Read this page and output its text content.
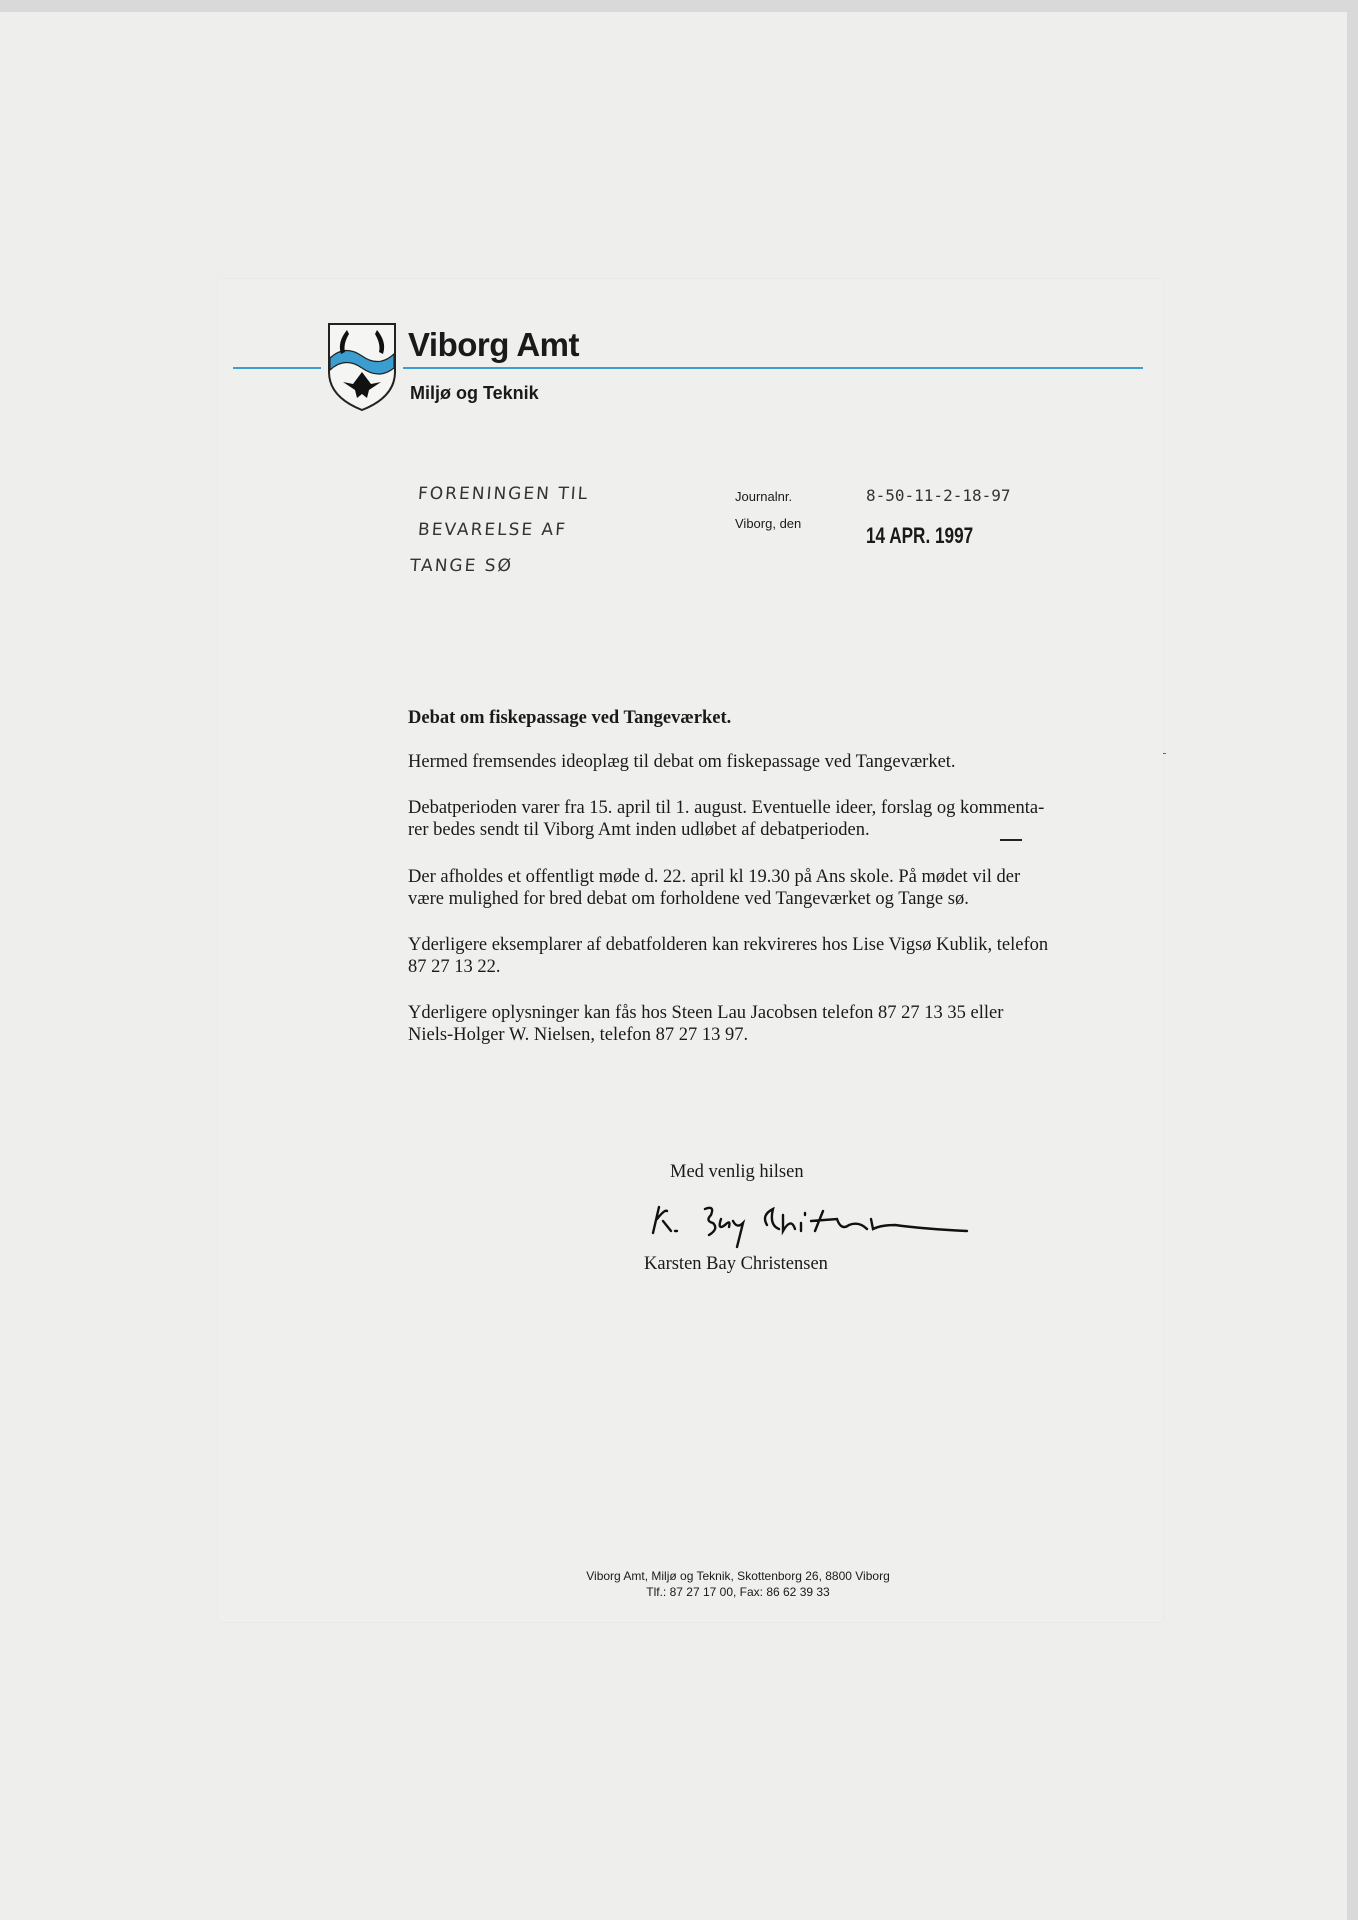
Viborg Amt
Miljø og Teknik
FORENINGEN TIL
BEVARELSE AF
TANGE SØ
Journalnr.
Viborg, den
8-50-11-2-18-97
14 APR. 1997
Debat om fiskepassage ved Tangeværket.
Hermed fremsendes ideoplæg til debat om fiskepassage ved Tangeværket.
Debatperioden varer fra 15. april til 1. august. Eventuelle ideer, forslag og kommenta-
rer bedes sendt til Viborg Amt inden udløbet af debatperioden.
Der afholdes et offentligt møde d. 22. april kl 19.30 på Ans skole. På mødet vil der
være mulighed for bred debat om forholdene ved Tangeværket og Tange sø.
Yderligere eksemplarer af debatfolderen kan rekvireres hos Lise Vigsø Kublik, telefon
87 27 13 22.
Yderligere oplysninger kan fås hos Steen Lau Jacobsen telefon 87 27 13 35 eller
Niels-Holger W. Nielsen, telefon 87 27 13 97.
Med venlig hilsen
Karsten Bay Christensen
Viborg Amt, Miljø og Teknik, Skottenborg 26, 8800 Viborg
Tlf.: 87 27 17 00, Fax: 86 62 39 33
